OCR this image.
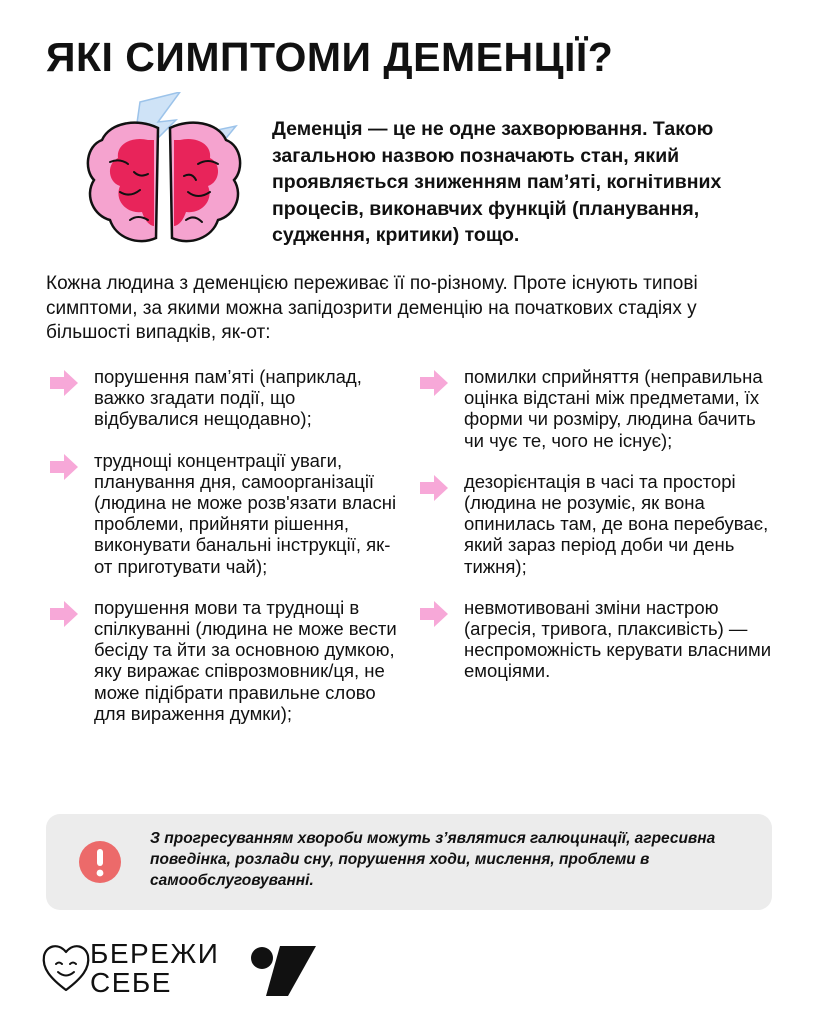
ЯКІ СИМПТОМИ ДЕМЕНЦІЇ?

Деменція — це не одне захворювання. Такою загальною назвою позначають стан, який проявляється зниженням пам’яті, когнітивних процесів, виконавчих функцій (планування, судження, критики) тощо.

Кожна людина з деменцією переживає її по-різному. Проте існують типові симптоми, за якими можна запідозрити деменцію на початкових стадіях у більшості випадків, як-от:

порушення пам’яті (наприклад, важко згадати події, що відбувалися нещодавно);
труднощі концентрації уваги, планування дня, самоорганізації (людина не може розв'язати власні проблеми, прийняти рішення, виконувати банальні інструкції, як-от приготувати чай);
порушення мови та труднощі в спілкуванні (людина не може вести бесіду та йти за основною думкою, яку виражає співрозмовник/ця, не може підібрати правильне слово для вираження думки);
помилки сприйняття (неправильна оцінка відстані між предметами, їх форми чи розміру, людина бачить чи чує те, чого не існує);
дезорієнтація в часі та просторі (людина не розуміє, як вона опинилась там, де вона перебуває, який зараз період доби чи день тижня);
невмотивовані зміни настрою (агресія, тривога, плаксивість) — неспроможність керувати власними емоціями.

З прогресуванням хвороби можуть з’являтися галюцинації, агресивна поведінка, розлади сну, порушення ходи, мислення, проблеми в самообслуговуванні.

БЕРЕЖИ
СЕБЕ
